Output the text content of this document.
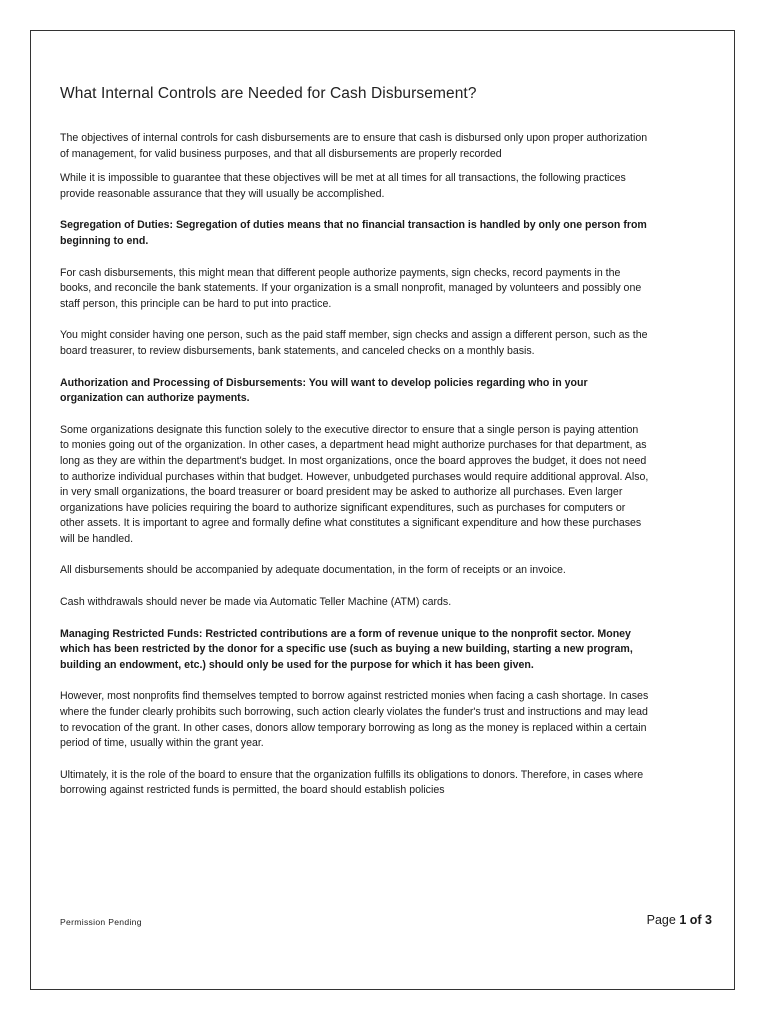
What Internal Controls are Needed for Cash Disbursement?

The objectives of internal controls for cash disbursements are to ensure that cash is disbursed only upon proper authorization of management, for valid business purposes, and that all disbursements are properly recorded

While it is impossible to guarantee that these objectives will be met at all times for all transactions, the following practices provide reasonable assurance that they will usually be accomplished.

Segregation of Duties: Segregation of duties means that no financial transaction is handled by only one person from beginning to end.

For cash disbursements, this might mean that different people authorize payments, sign checks, record payments in the books, and reconcile the bank statements. If your organization is a small nonprofit, managed by volunteers and possibly one staff person, this principle can be hard to put into practice.

You might consider having one person, such as the paid staff member, sign checks and assign a different person, such as the board treasurer, to review disbursements, bank statements, and canceled checks on a monthly basis.

Authorization and Processing of Disbursements: You will want to develop policies regarding who in your organization can authorize payments.

Some organizations designate this function solely to the executive director to ensure that a single person is paying attention to monies going out of the organization. In other cases, a department head might authorize purchases for that department, as long as they are within the department's budget. In most organizations, once the board approves the budget, it does not need to authorize individual purchases within that budget. However, unbudgeted purchases would require additional approval. Also, in very small organizations, the board treasurer or board president may be asked to authorize all purchases. Even larger organizations have policies requiring the board to authorize significant expenditures, such as purchases for computers or other assets. It is important to agree and formally define what constitutes a significant expenditure and how these purchases will be handled.

All disbursements should be accompanied by adequate documentation, in the form of receipts or an invoice.

Cash withdrawals should never be made via Automatic Teller Machine (ATM) cards.

Managing Restricted Funds: Restricted contributions are a form of revenue unique to the nonprofit sector. Money which has been restricted by the donor for a specific use (such as buying a new building, starting a new program, building an endowment, etc.) should only be used for the purpose for which it has been given.

However, most nonprofits find themselves tempted to borrow against restricted monies when facing a cash shortage. In cases where the funder clearly prohibits such borrowing, such action clearly violates the funder's trust and instructions and may lead to revocation of the grant. In other cases, donors allow temporary borrowing as long as the money is replaced within a certain period of time, usually within the grant year.

Ultimately, it is the role of the board to ensure that the organization fulfills its obligations to donors. Therefore, in cases where borrowing against restricted funds is permitted, the board should establish policies

Permission Pending	Page 1 of 3
